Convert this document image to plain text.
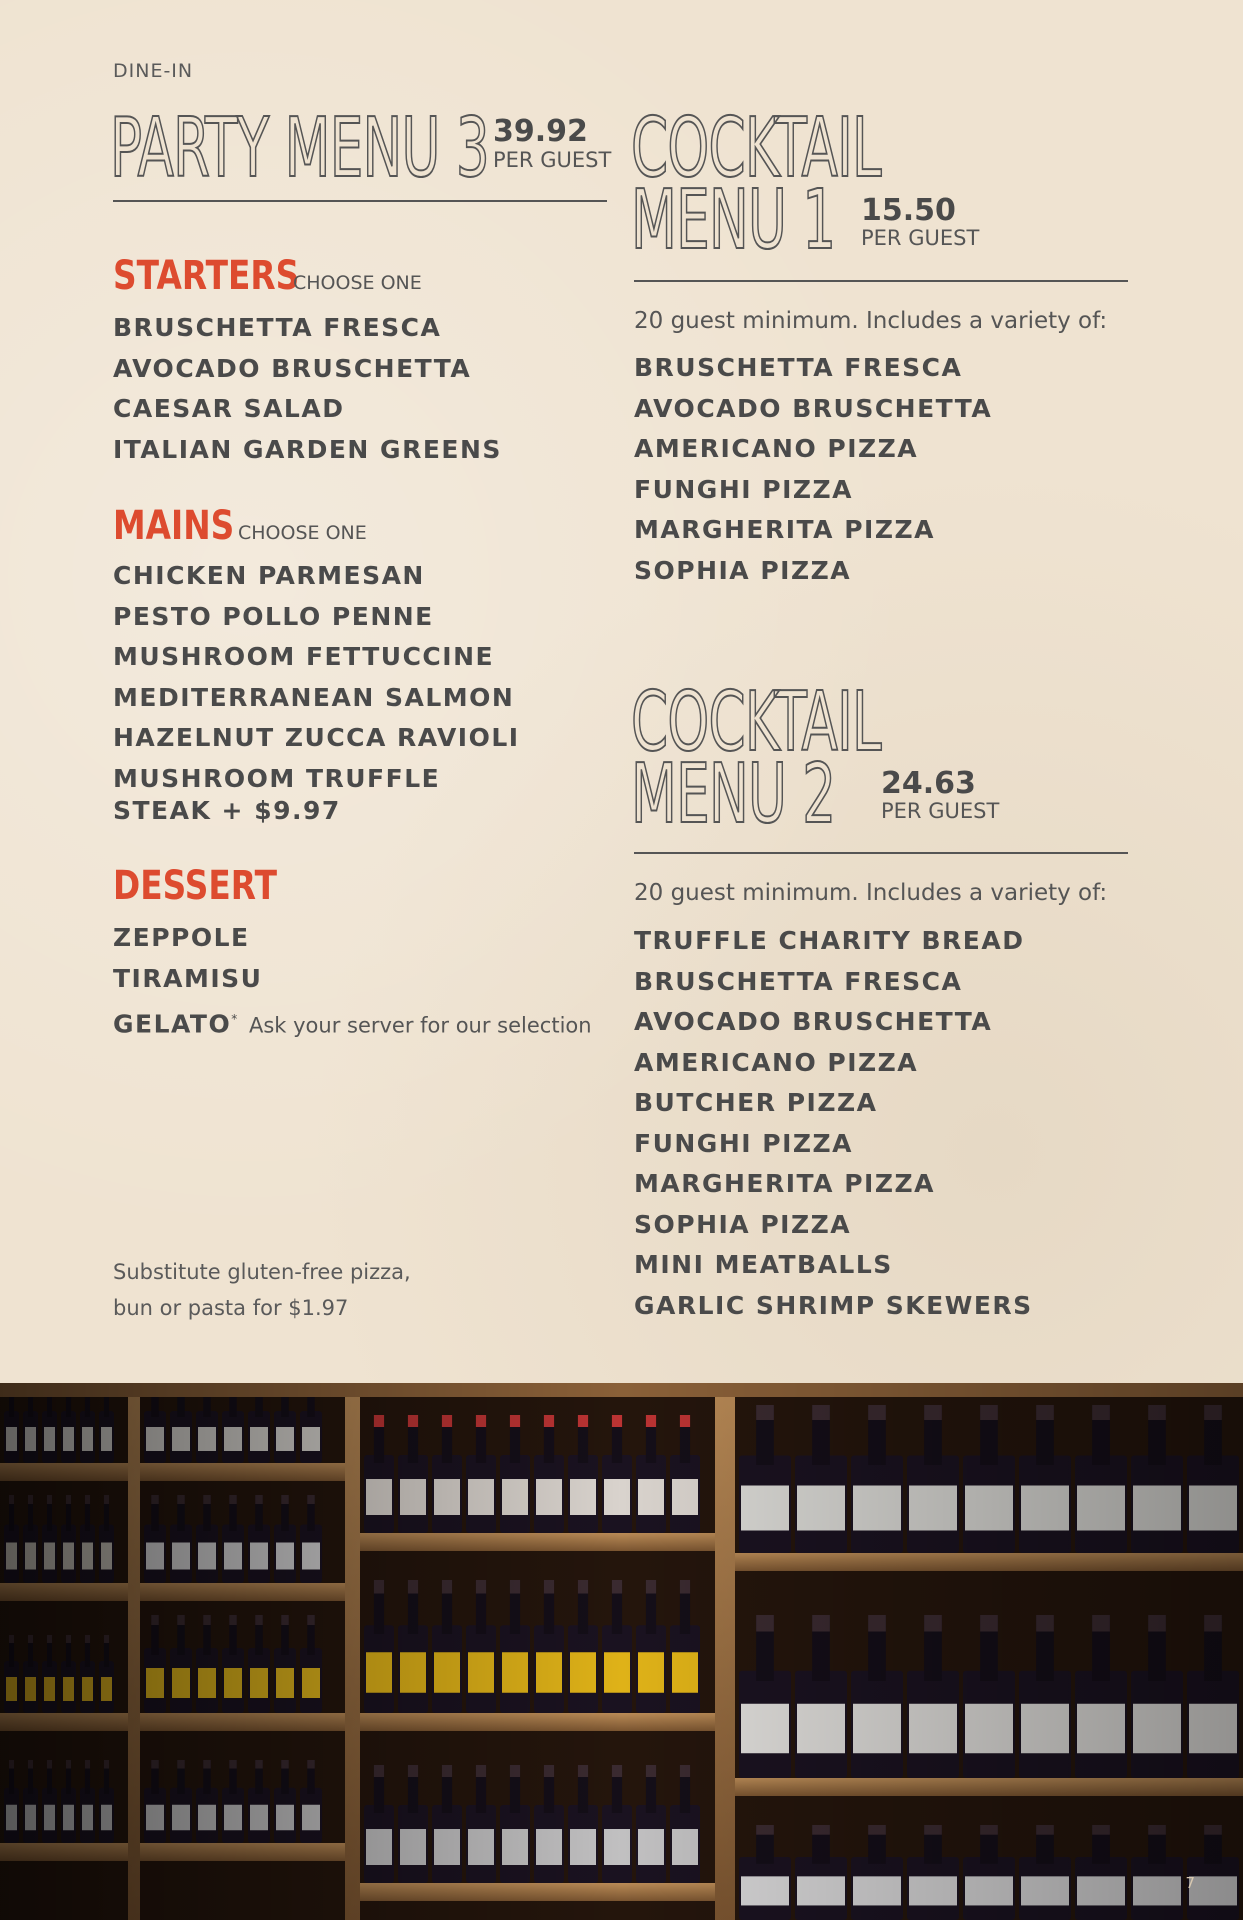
DINE-IN
PARTY MENU 3 39.92
PER GUEST
STARTERS
CHOOSE ONE
BRUSCHETTA FRESCA
AVOCADO BRUSCHETTA
CAESAR SALAD
ITALIAN GARDEN GREENS
MAINS CHOOSE ONE
CHICKEN PARMESAN
PESTO POLLO PENNE
MUSHROOM FETTUCCINE
MEDITERRANEAN SALMON
HAZELNUT ZUCCA RAVIOLI
MUSHROOM TRUFFLE STEAK + $9.97
DESSERT
ZEPPOLE
TIRAMISU
GELATO* Ask your server for our selection
Substitute gluten-free pizza,
bun or pasta for $1.97
COCKTAIL
MENU 1 15.50
PER GUEST
20 guest minimum. Includes a variety of:
BRUSCHETTA FRESCA
AVOCADO BRUSCHETTA
AMERICANO PIZZA
FUNGHI PIZZA
MARGHERITA PIZZA
SOPHIA PIZZA
COCKTAIL
MENU 2 24.63
PER GUEST
20 guest minimum. Includes a variety of:
TRUFFLE CHARITY BREAD
BRUSCHETTA FRESCA
AVOCADO BRUSCHETTA
AMERICANO PIZZA
BUTCHER PIZZA
FUNGHI PIZZA
MARGHERITA PIZZA
SOPHIA PIZZA
MINI MEATBALLS
GARLIC SHRIMP SKEWERS
7
